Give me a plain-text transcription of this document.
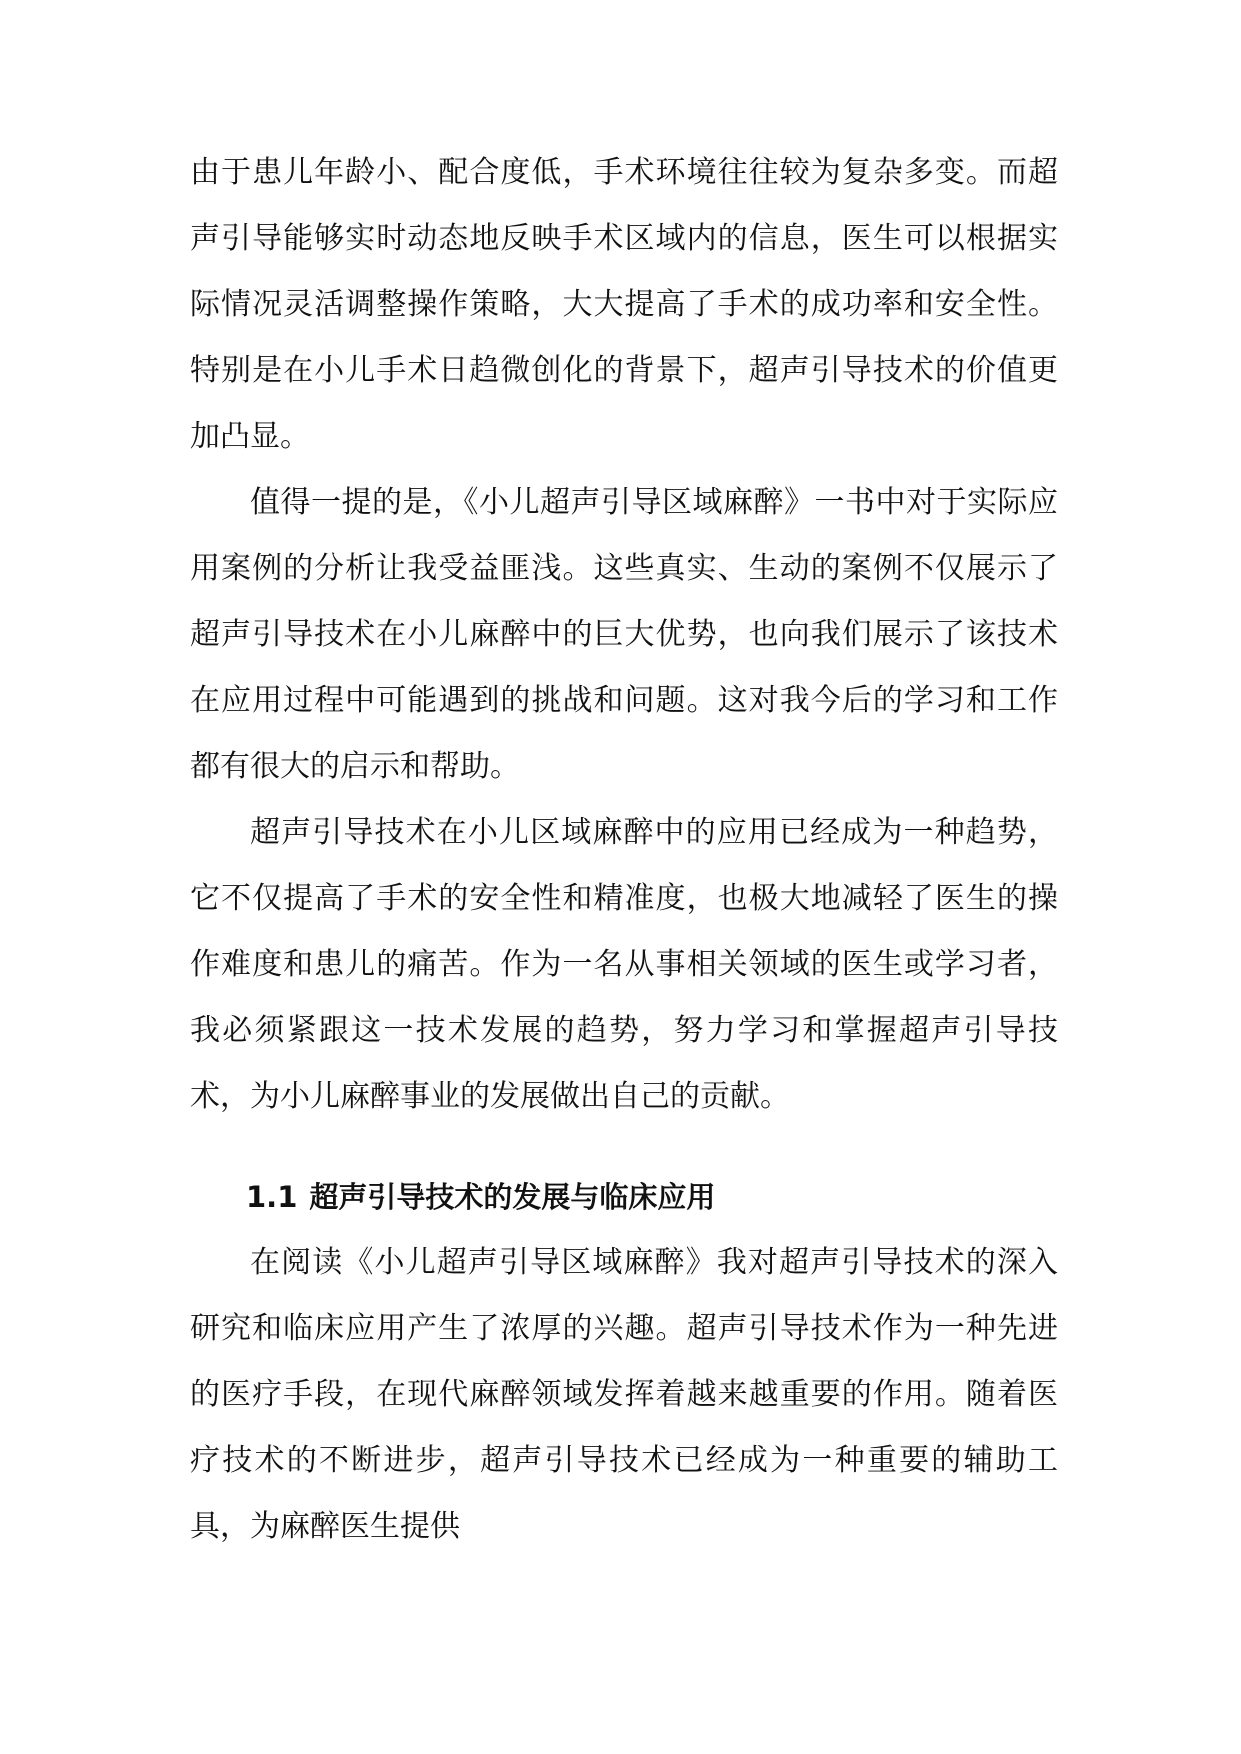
由于患儿年龄小、配合度低，手术环境往往较为复杂多变。而超声引导能够实时动态地反映手术区域内的信息，医生可以根据实际情况灵活调整操作策略，大大提高了手术的成功率和安全性。特别是在小儿手术日趋微创化的背景下，超声引导技术的价值更加凸显。

值得一提的是，《小儿超声引导区域麻醉》一书中对于实际应用案例的分析让我受益匪浅。这些真实、生动的案例不仅展示了超声引导技术在小儿麻醉中的巨大优势，也向我们展示了该技术在应用过程中可能遇到的挑战和问题。这对我今后的学习和工作都有很大的启示和帮助。

超声引导技术在小儿区域麻醉中的应用已经成为一种趋势，它不仅提高了手术的安全性和精准度，也极大地减轻了医生的操作难度和患儿的痛苦。作为一名从事相关领域的医生或学习者，我必须紧跟这一技术发展的趋势，努力学习和掌握超声引导技术，为小儿麻醉事业的发展做出自己的贡献。

1.1 超声引导技术的发展与临床应用

在阅读《小儿超声引导区域麻醉》我对超声引导技术的深入研究和临床应用产生了浓厚的兴趣。超声引导技术作为一种先进的医疗手段，在现代麻醉领域发挥着越来越重要的作用。随着医疗技术的不断进步，超声引导技术已经成为一种重要的辅助工具，为麻醉医生提供
